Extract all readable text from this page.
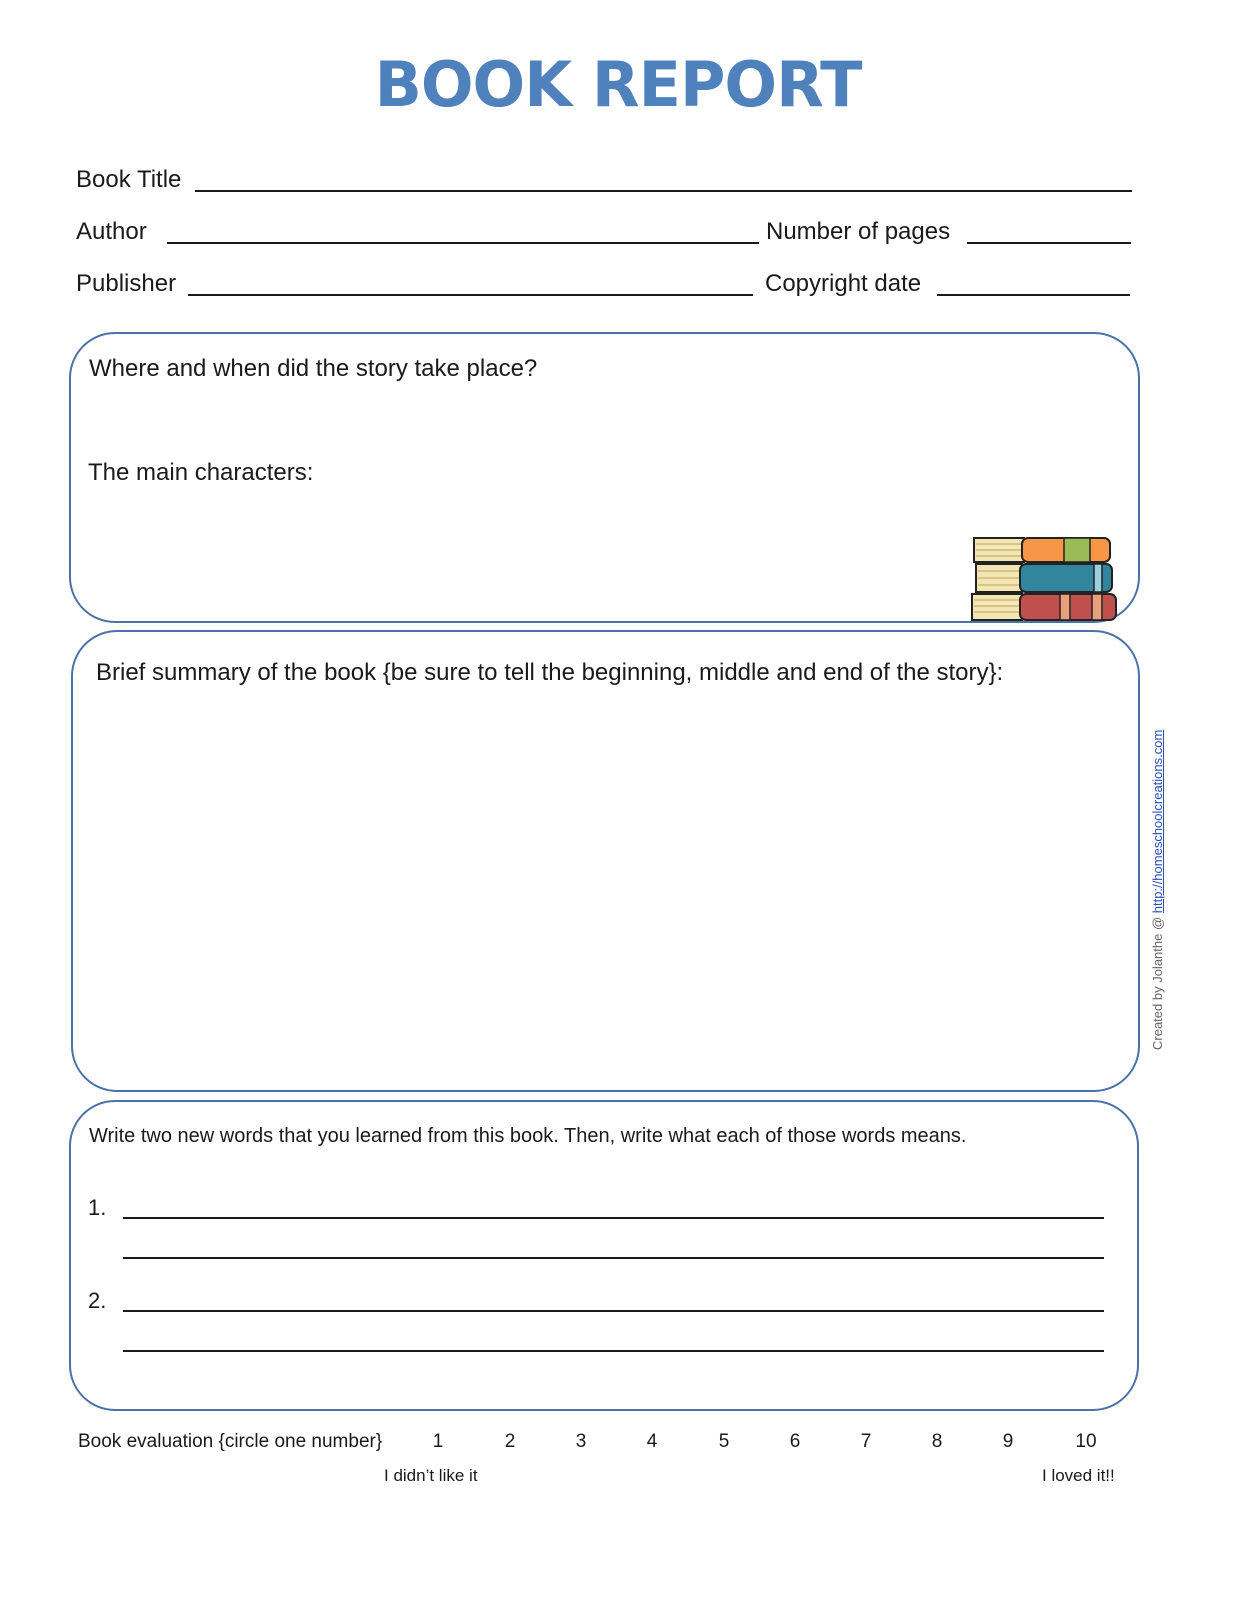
BOOK REPORT
Book Title
Author	Number of pages
Publisher	Copyright date
Where and when did the story take place?
The main characters:
Brief summary of the book {be sure to tell the beginning, middle and end of the story}:
Created by Jolanthe @ http://homeschoolcreations.com
Write two new words that you learned from this book. Then, write what each of those words means.
1.
2.
Book evaluation {circle one number}	1	2	3	4	5	6	7	8	9	10
I didn’t like it	I loved it!!
